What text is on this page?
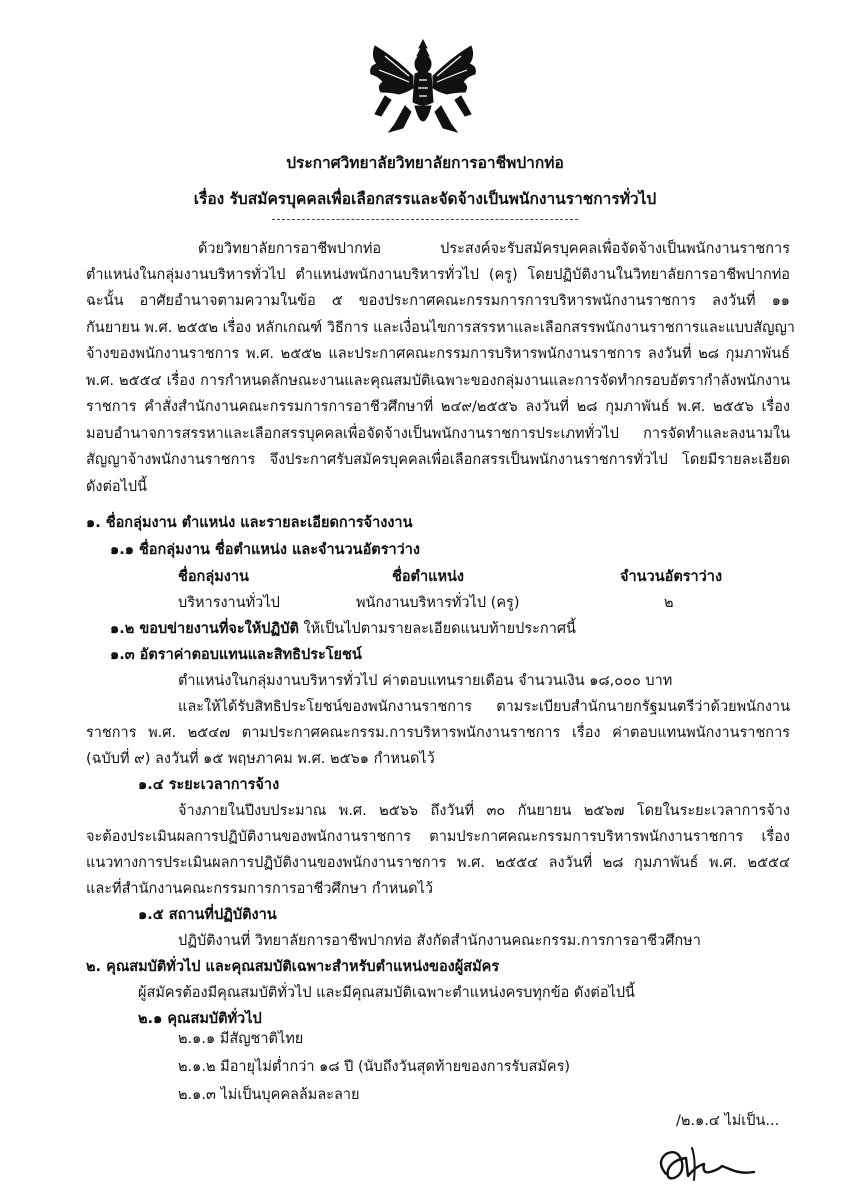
ประกาศวิทยาลัยวิทยาลัยการอาชีพปากท่อ
เรื่อง รับสมัครบุคคลเพื่อเลือกสรรและจัดจ้างเป็นพนักงานราชการทั่วไป
ด้วยวิทยาลัยการอาชีพปากท่อ ประสงค์จะรับสมัครบุคคลเพื่อจัดจ้างเป็นพนักงานราชการ
ตำแหน่งในกลุ่มงานบริหารทั่วไป ตำแหน่งพนักงานบริหารทั่วไป (ครู) โดยปฏิบัติงานในวิทยาลัยการอาชีพปากท่อ
ฉะนั้น อาศัยอำนาจตามความในข้อ ๕ ของประกาศคณะกรรมการการบริหารพนักงานราชการ ลงวันที่ ๑๑
กันยายน พ.ศ. ๒๕๕๒ เรื่อง หลักเกณฑ์ วิธีการ และเงื่อนไขการสรรหาและเลือกสรรพนักงานราชการและแบบสัญญา
จ้างของพนักงานราชการ พ.ศ. ๒๕๕๒ และประกาศคณะกรรมการบริหารพนักงานราชการ ลงวันที่ ๒๘ กุมภาพันธ์
พ.ศ. ๒๕๕๔ เรื่อง การกำหนดลักษณะงานและคุณสมบัติเฉพาะของกลุ่มงานและการจัดทำกรอบอัตรากำลังพนักงาน
ราชการ คำสั่งสำนักงานคณะกรรมการการอาชีวศึกษาที่ ๒๔๙/๒๕๕๖ ลงวันที่ ๒๘ กุมภาพันธ์ พ.ศ. ๒๕๕๖ เรื่อง
มอบอำนาจการสรรหาและเลือกสรรบุคคลเพื่อจัดจ้างเป็นพนักงานราชการประเภททั่วไป การจัดทำและลงนามใน
สัญญาจ้างพนักงานราชการ จึงประกาศรับสมัครบุคคลเพื่อเลือกสรรเป็นพนักงานราชการทั่วไป โดยมีรายละเอียด
ดังต่อไปนี้
๑. ชื่อกลุ่มงาน ตำแหน่ง และรายละเอียดการจ้างงาน
๑.๑ ชื่อกลุ่มงาน ชื่อตำแหน่ง และจำนวนอัตราว่าง
ชื่อกลุ่มงาน	ชื่อตำแหน่ง	จำนวนอัตราว่าง
บริหารงานทั่วไป	พนักงานบริหารทั่วไป (ครู)	๒
๑.๒ ขอบข่ายงานที่จะให้ปฏิบัติ ให้เป็นไปตามรายละเอียดแนบท้ายประกาศนี้
๑.๓ อัตราค่าตอบแทนและสิทธิประโยชน์
ตำแหน่งในกลุ่มงานบริหารทั่วไป ค่าตอบแทนรายเดือน จำนวนเงิน ๑๘,๐๐๐ บาท
และให้ได้รับสิทธิประโยชน์ของพนักงานราชการ ตามระเบียบสำนักนายกรัฐมนตรีว่าด้วยพนักงาน
ราชการ พ.ศ. ๒๕๔๗ ตามประกาศคณะกรรม.การบริหารพนักงานราชการ เรื่อง ค่าตอบแทนพนักงานราชการ
(ฉบับที่ ๙) ลงวันที่ ๑๕ พฤษภาคม พ.ศ. ๒๕๖๑ กำหนดไว้
๑.๔ ระยะเวลาการจ้าง
จ้างภายในปีงบประมาณ พ.ศ. ๒๕๖๖ ถึงวันที่ ๓๐ กันยายน ๒๕๖๗ โดยในระยะเวลาการจ้าง
จะต้องประเมินผลการปฏิบัติงานของพนักงานราชการ ตามประกาศคณะกรรมการบริหารพนักงานราชการ เรื่อง
แนวทางการประเมินผลการปฏิบัติงานของพนักงานราชการ พ.ศ. ๒๕๕๔ ลงวันที่ ๒๘ กุมภาพันธ์ พ.ศ. ๒๕๕๔
และที่สำนักงานคณะกรรมการการอาชีวศึกษา กำหนดไว้
๑.๕ สถานที่ปฏิบัติงาน
ปฏิบัติงานที่ วิทยาลัยการอาชีพปากท่อ สังกัดสำนักงานคณะกรรม.การการอาชีวศึกษา
๒. คุณสมบัติทั่วไป และคุณสมบัติเฉพาะสำหรับตำแหน่งของผู้สมัคร
ผู้สมัครต้องมีคุณสมบัติทั่วไป และมีคุณสมบัติเฉพาะตำแหน่งครบทุกข้อ ดังต่อไปนี้
๒.๑ คุณสมบัติทั่วไป
๒.๑.๑ มีสัญชาติไทย
๒.๑.๒ มีอายุไม่ต่ำกว่า ๑๘ ปี (นับถึงวันสุดท้ายของการรับสมัคร)
๒.๑.๓ ไม่เป็นบุคคลล้มละลาย
/๒.๑.๔ ไม่เป็น...
